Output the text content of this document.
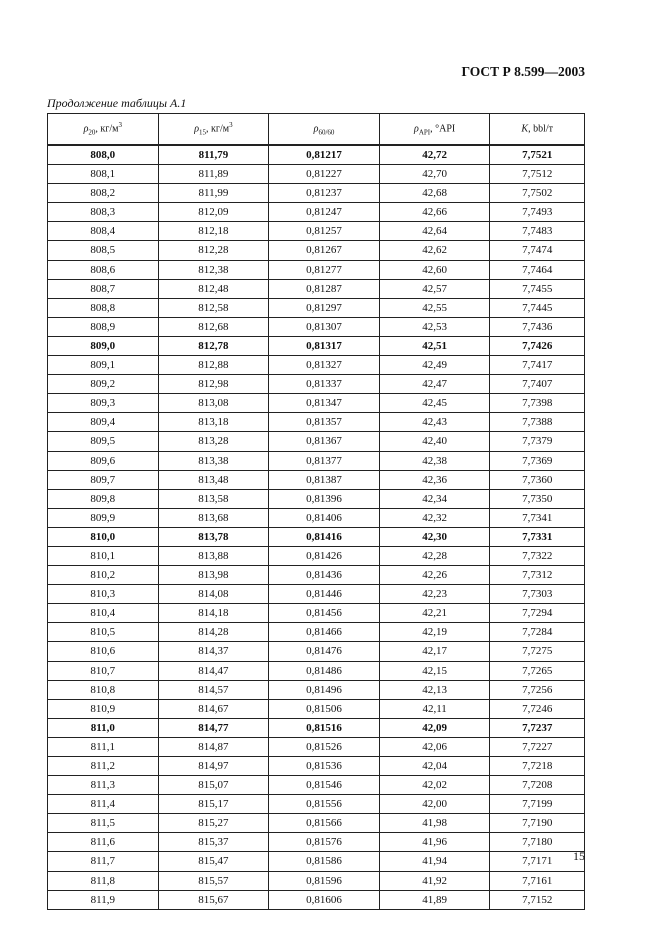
ГОСТ Р 8.599—2003
Продолжение таблицы А.1
$\rho_{20}$, $кг/м^3$	$\rho_{15}$, $кг/м^3$	$\rho_{60/60}$	$\rho_{API}$, °API	K, bbl/т
808,0	811,79	0,81217	42,72	7,7521
808,1	811,89	0,81227	42,70	7,7512
808,2	811,99	0,81237	42,68	7,7502
808,3	812,09	0,81247	42,66	7,7493
808,4	812,18	0,81257	42,64	7,7483
808,5	812,28	0,81267	42,62	7,7474
808,6	812,38	0,81277	42,60	7,7464
808,7	812,48	0,81287	42,57	7,7455
808,8	812,58	0,81297	42,55	7,7445
808,9	812,68	0,81307	42,53	7,7436
809,0	812,78	0,81317	42,51	7,7426
809,1	812,88	0,81327	42,49	7,7417
809,2	812,98	0,81337	42,47	7,7407
809,3	813,08	0,81347	42,45	7,7398
809,4	813,18	0,81357	42,43	7,7388
809,5	813,28	0,81367	42,40	7,7379
809,6	813,38	0,81377	42,38	7,7369
809,7	813,48	0,81387	42,36	7,7360
809,8	813,58	0,81396	42,34	7,7350
809,9	813,68	0,81406	42,32	7,7341
810,0	813,78	0,81416	42,30	7,7331
810,1	813,88	0,81426	42,28	7,7322
810,2	813,98	0,81436	42,26	7,7312
810,3	814,08	0,81446	42,23	7,7303
810,4	814,18	0,81456	42,21	7,7294
810,5	814,28	0,81466	42,19	7,7284
810,6	814,37	0,81476	42,17	7,7275
810,7	814,47	0,81486	42,15	7,7265
810,8	814,57	0,81496	42,13	7,7256
810,9	814,67	0,81506	42,11	7,7246
811,0	814,77	0,81516	42,09	7,7237
811,1	814,87	0,81526	42,06	7,7227
811,2	814,97	0,81536	42,04	7,7218
811,3	815,07	0,81546	42,02	7,7208
811,4	815,17	0,81556	42,00	7,7199
811,5	815,27	0,81566	41,98	7,7190
811,6	815,37	0,81576	41,96	7,7180
811,7	815,47	0,81586	41,94	7,7171
811,8	815,57	0,81596	41,92	7,7161
811,9	815,67	0,81606	41,89	7,7152
15
